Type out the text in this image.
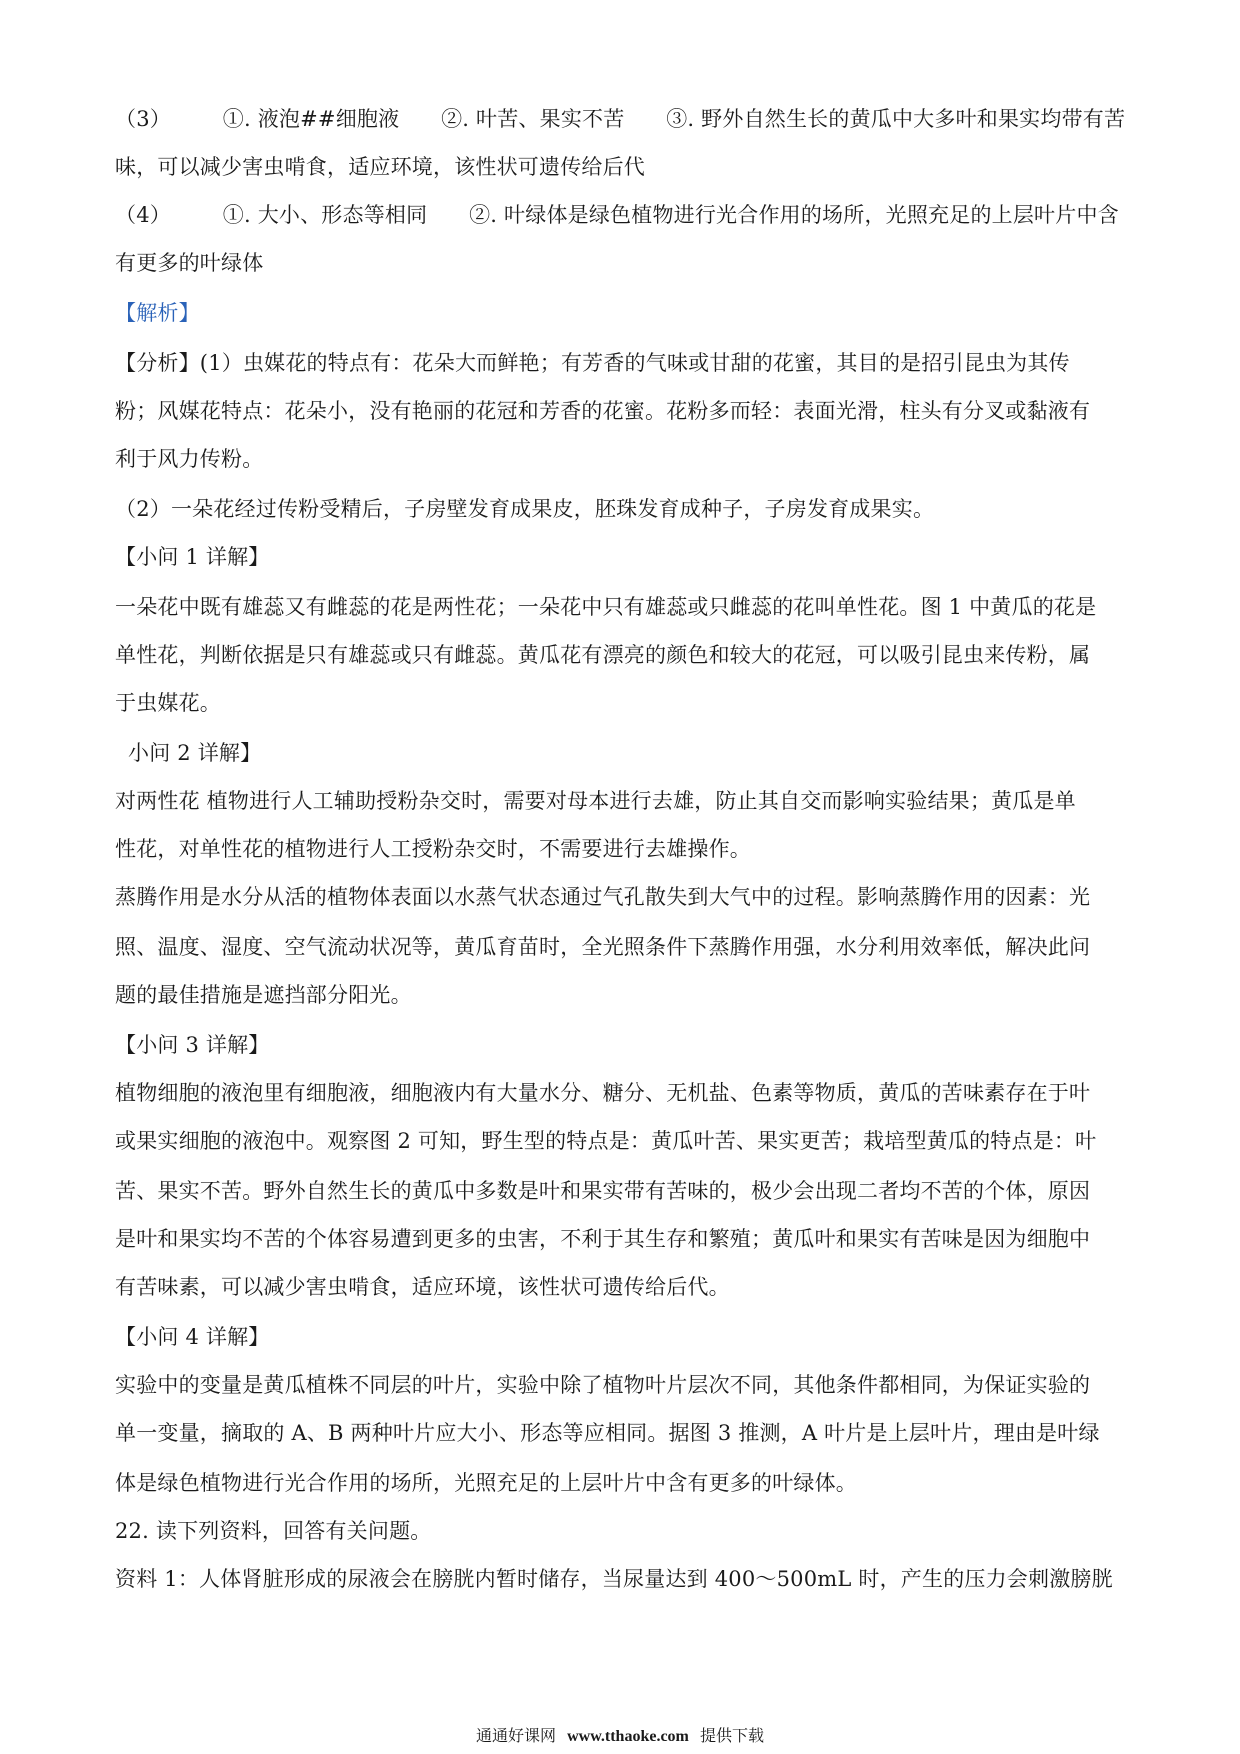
（3） ①. 液泡##细胞液 ②. 叶苦、果实不苦 ③. 野外自然生长的黄瓜中大多叶和果实均带有苦
味，可以减少害虫啃食，适应环境，该性状可遗传给后代
（4） ①. 大小、形态等相同 ②. 叶绿体是绿色植物进行光合作用的场所，光照充足的上层叶片中含
有更多的叶绿体
【解析】
【分析】(1）虫媒花的特点有：花朵大而鲜艳；有芳香的气味或甘甜的花蜜，其目的是招引昆虫为其传
粉；风媒花特点：花朵小，没有艳丽的花冠和芳香的花蜜。花粉多而轻：表面光滑，柱头有分叉或黏液有
利于风力传粉。
（2）一朵花经过传粉受精后，子房壁发育成果皮，胚珠发育成种子，子房发育成果实。
【小问 1 详解】
一朵花中既有雄蕊又有雌蕊的花是两性花；一朵花中只有雄蕊或只雌蕊的花叫单性花。图 1 中黄瓜的花是
单性花，判断依据是只有雄蕊或只有雌蕊。黄瓜花有漂亮的颜色和较大的花冠，可以吸引昆虫来传粉，属
于虫媒花。
小问 2 详解】
对两性花 植物进行人工辅助授粉杂交时，需要对母本进行去雄，防止其自交而影响实验结果；黄瓜是单
性花，对单性花的植物进行人工授粉杂交时，不需要进行去雄操作。
蒸腾作用是水分从活的植物体表面以水蒸气状态通过气孔散失到大气中的过程。影响蒸腾作用的因素：光
照、温度、湿度、空气流动状况等，黄瓜育苗时，全光照条件下蒸腾作用强，水分利用效率低，解决此问
题的最佳措施是遮挡部分阳光。
【小问 3 详解】
植物细胞的液泡里有细胞液，细胞液内有大量水分、糖分、无机盐、色素等物质，黄瓜的苦味素存在于叶
或果实细胞的液泡中。观察图 2 可知，野生型的特点是：黄瓜叶苦、果实更苦；栽培型黄瓜的特点是：叶
苦、果实不苦。野外自然生长的黄瓜中多数是叶和果实带有苦味的，极少会出现二者均不苦的个体，原因
是叶和果实均不苦的个体容易遭到更多的虫害，不利于其生存和繁殖；黄瓜叶和果实有苦味是因为细胞中
有苦味素，可以减少害虫啃食，适应环境，该性状可遗传给后代。
【小问 4 详解】
实验中的变量是黄瓜植株不同层的叶片，实验中除了植物叶片层次不同，其他条件都相同，为保证实验的
单一变量，摘取的 A、B 两种叶片应大小、形态等应相同。据图 3 推测，A 叶片是上层叶片，理由是叶绿
体是绿色植物进行光合作用的场所，光照充足的上层叶片中含有更多的叶绿体。
22. 读下列资料，回答有关问题。
资料 1：人体肾脏形成的尿液会在膀胱内暂时储存，当尿量达到 400～500mL 时，产生的压力会刺激膀胱
通通好课网 www.tthaoke.com 提供下载
